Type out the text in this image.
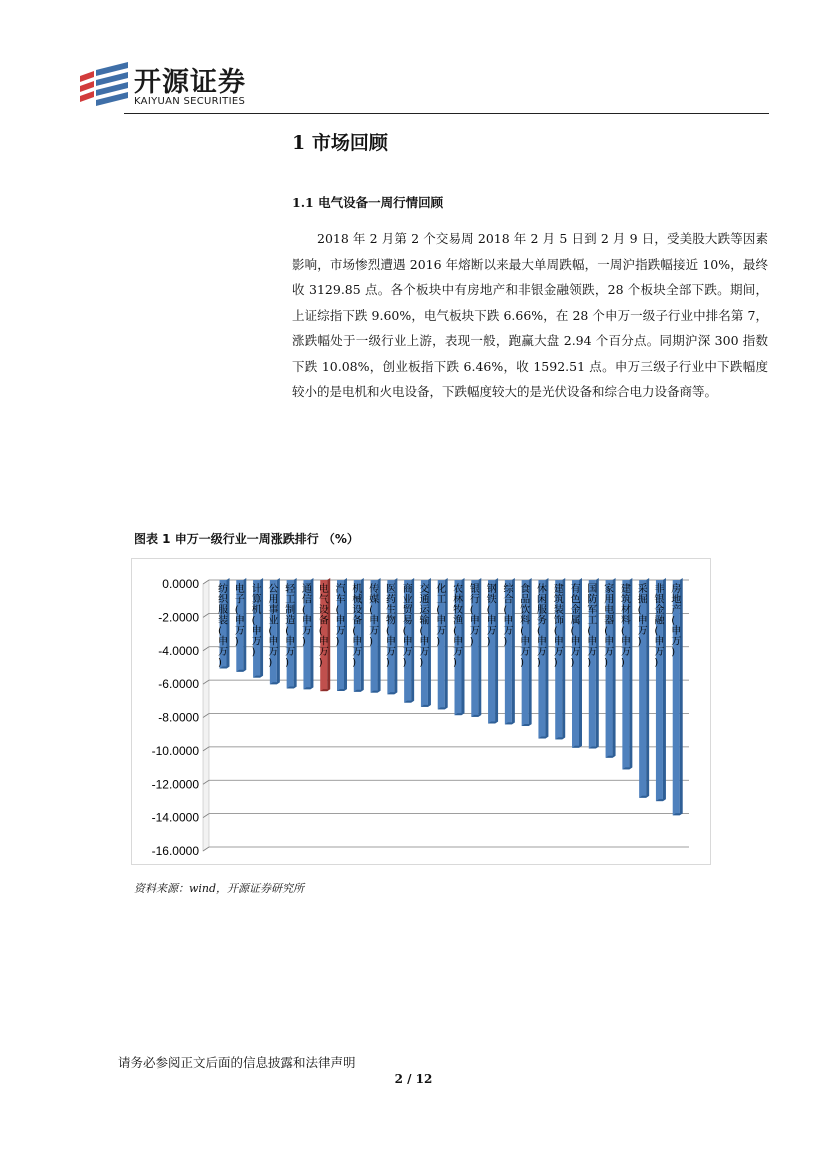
开源证券
KAIYUAN SECURITIES
1 市场回顾
1.1 电气设备一周行情回顾

2018 年 2 月第 2 个交易周 2018 年 2 月 5 日到 2 月 9 日，受美股大跌等因素影响，市场惨烈遭遇 2016 年熔断以来最大单周跌幅，一周沪指跌幅接近 10%，最终收 3129.85 点。各个板块中有房地产和非银金融领跌，28 个板块全部下跌。期间，上证综指下跌 9.60%，电气板块下跌 6.66%，在 28 个申万一级子行业中排名第 7，涨跌幅处于一级行业上游，表现一般，跑赢大盘 2.94 个百分点。同期沪深 300 指数下跌 10.08%，创业板指下跌 6.46%，收 1592.51 点。申万三级子行业中下跌幅度较小的是电机和火电设备，下跌幅度较大的是光伏设备和综合电力设备商等。

图表 1 申万一级行业一周涨跌排行 （%）
0.0000
-2.0000
-4.0000
-6.0000
-8.0000
-10.0000
-12.0000
-14.0000
-16.0000
纺织服装(申万)
电子(申万)
计算机(申万)
公用事业(申万)
轻工制造(申万)
通信(申万)
电气设备(申万)
汽车(申万)
机械设备(申万)
传媒(申万)
医药生物(申万)
商业贸易(申万)
交通运输(申万)
化工(申万)
农林牧渔(申万)
银行(申万)
钢铁(申万)
综合(申万)
食品饮料(申万)
休闲服务(申万)
建筑装饰(申万)
有色金属(申万)
国防军工(申万)
家用电器(申万)
建筑材料(申万)
采掘(申万)
非银金融(申万)
房地产(申万)
资料来源：wind，开源证券研究所
请务必参阅正文后面的信息披露和法律声明
2 / 12
